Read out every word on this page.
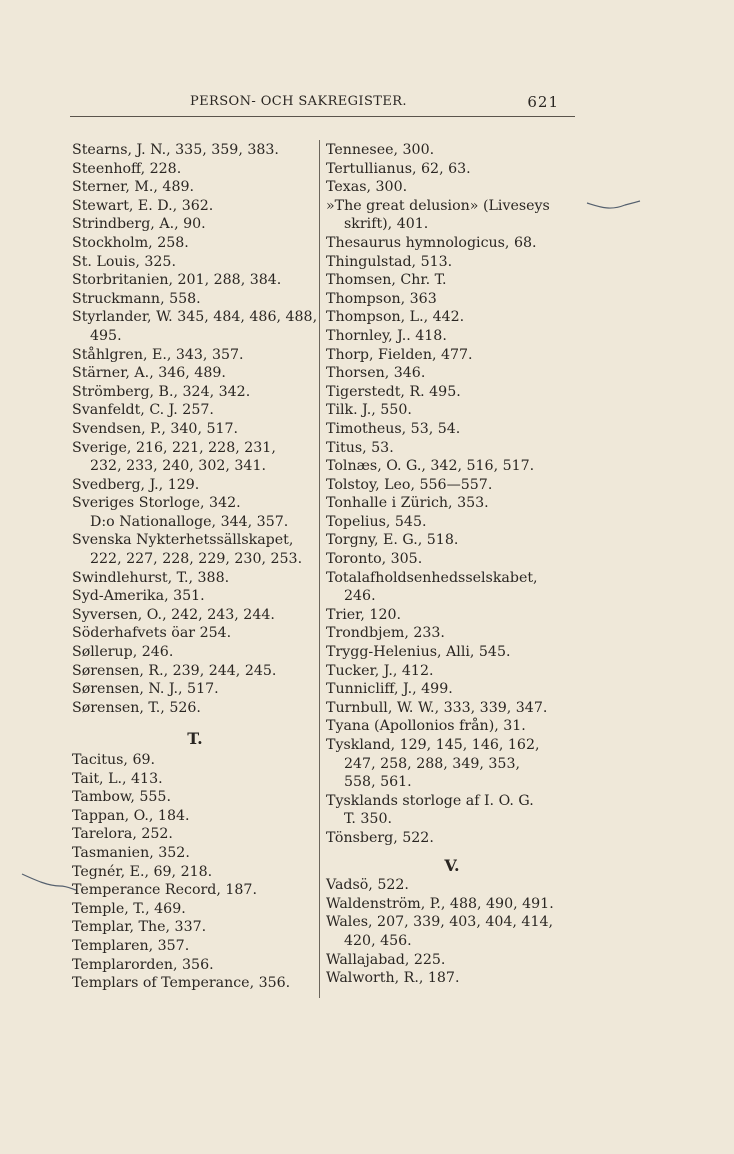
PERSON- OCH SAKREGISTER.	621
Stearns, J. N., 335, 359, 383.
Steenhoff, 228.
Sterner, M., 489.
Stewart, E. D., 362.
Strindberg, A., 90.
Stockholm, 258.
St. Louis, 325.
Storbritanien, 201, 288, 384.
Struckmann, 558.
Styrlander, W. 345, 484, 486, 488,
495.
Ståhlgren, E., 343, 357.
Stärner, A., 346, 489.
Strömberg, B., 324, 342.
Svanfeldt, C. J. 257.
Svendsen, P., 340, 517.
Sverige, 216, 221, 228, 231,
232, 233, 240, 302, 341.
Svedberg, J., 129.
Sveriges Storloge, 342.
D:o Nationalloge, 344, 357.
Svenska Nykterhetssällskapet,
222, 227, 228, 229, 230, 253.
Swindlehurst, T., 388.
Syd-Amerika, 351.
Syversen, O., 242, 243, 244.
Söderhafvets öar 254.
Søllerup, 246.
Sørensen, R., 239, 244, 245.
Sørensen, N. J., 517.
Sørensen, T., 526.
T.
Tacitus, 69.
Tait, L., 413.
Tambow, 555.
Tappan, O., 184.
Tarelora, 252.
Tasmanien, 352.
Tegnér, E., 69, 218.
Temperance Record, 187.
Temple, T., 469.
Templar, The, 337.
Templaren, 357.
Templarorden, 356.
Templars of Temperance, 356.
Tennesee, 300.
Tertullianus, 62, 63.
Texas, 300.
»The great delusion» (Liveseys
skrift), 401.
Thesaurus hymnologicus, 68.
Thingulstad, 513.
Thomsen, Chr. T.
Thompson, 363
Thompson, L., 442.
Thornley, J.. 418.
Thorp, Fielden, 477.
Thorsen, 346.
Tigerstedt, R. 495.
Tilk. J., 550.
Timotheus, 53, 54.
Titus, 53.
Tolnæs, O. G., 342, 516, 517.
Tolstoy, Leo, 556—557.
Tonhalle i Zürich, 353.
Topelius, 545.
Torgny, E. G., 518.
Toronto, 305.
Totalafholdsenhedsselskabet,
246.
Trier, 120.
Trondbjem, 233.
Trygg-Helenius, Alli, 545.
Tucker, J., 412.
Tunnicliff, J., 499.
Turnbull, W. W., 333, 339, 347.
Tyana (Apollonios från), 31.
Tyskland, 129, 145, 146, 162,
247, 258, 288, 349, 353,
558, 561.
Tysklands storloge af I. O. G.
T. 350.
Tönsberg, 522.
V.
Vadsö, 522.
Waldenström, P., 488, 490, 491.
Wales, 207, 339, 403, 404, 414,
420, 456.
Wallajabad, 225.
Walworth, R., 187.
